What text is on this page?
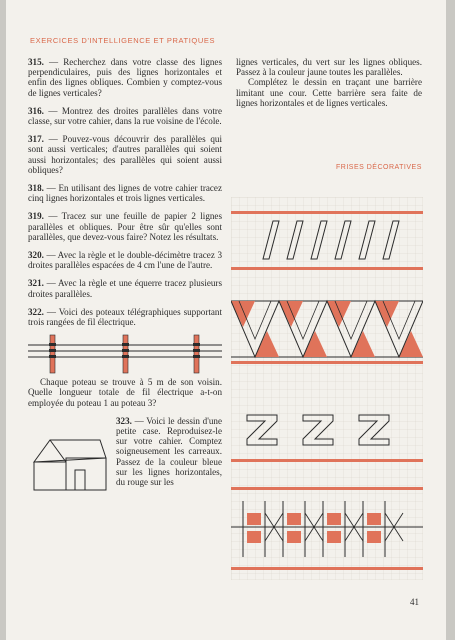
EXERCICES D'INTELLIGENCE ET PRATIQUES
315. — Recherchez dans votre classe des lignes perpendiculaires, puis des lignes horizontales et enfin des lignes obliques. Combien y comptez-vous de lignes verticales?
316. — Montrez des droites parallèles dans votre classe, sur votre cahier, dans la rue voisine de l'école.
317. — Pouvez-vous découvrir des parallèles qui sont aussi verticales; d'autres parallèles qui soient aussi horizontales; des parallèles qui soient aussi obliques?
318. — En utilisant des lignes de votre cahier tracez cinq lignes horizontales et trois lignes verticales.
319. — Tracez sur une feuille de papier 2 lignes parallèles et obliques. Pour être sûr qu'elles sont parallèles, que devez-vous faire? Notez les résultats.
320. — Avec la règle et le double-décimètre tracez 3 droites parallèles espacées de 4 cm l'une de l'autre.
321. — Avec la règle et une équerre tracez plusieurs droites parallèles.
322. — Voici des poteaux télégraphiques supportant trois rangées de fil électrique.
Chaque poteau se trouve à 5 m de son voisin. Quelle longueur totale de fil électrique a-t-on employée du poteau 1 au poteau 3?
323.
— Voici le dessin d'une petite case. Reproduisez-le sur votre cahier. Comptez soigneusement les carreaux. Passez de la couleur bleue sur les lignes horizontales, du rouge sur les
lignes verticales, du vert sur les lignes obliques. Passez à la couleur jaune toutes les parallèles.
Complétez le dessin en traçant une barrière limitant une cour. Cette barrière sera faite de lignes horizontales et de lignes verticales.
FRISES DÉCORATIVES
41
